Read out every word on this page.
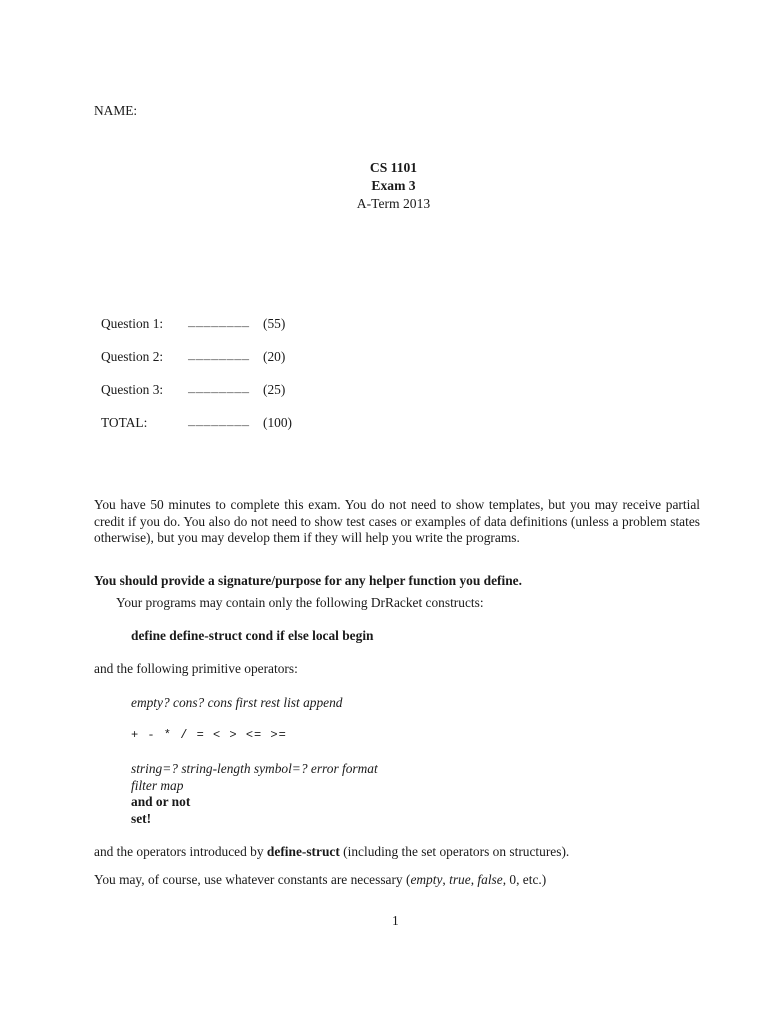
NAME:
CS 1101
Exam 3
A-Term 2013
Question 1: ________ (55)
Question 2: ________ (20)
Question 3: ________ (25)
TOTAL:	________ (100)
You have 50 minutes to complete this exam. You do not need to show templates, but you may receive partial credit if you do. You also do not need to show test cases or examples of data definitions (unless a problem states otherwise), but you may develop them if they will help you write the programs.
You should provide a signature/purpose for any helper function you define.
Your programs may contain only the following DrRacket constructs:
define define-struct cond if else local begin
and the following primitive operators:
empty? cons? cons first rest list append
+ - * / = < > <= >=
string=? string-length symbol=? error format
filter map
and or not
set!
and the operators introduced by define-struct (including the set operators on structures).
You may, of course, use whatever constants are necessary (empty, true, false, 0, etc.)
1
